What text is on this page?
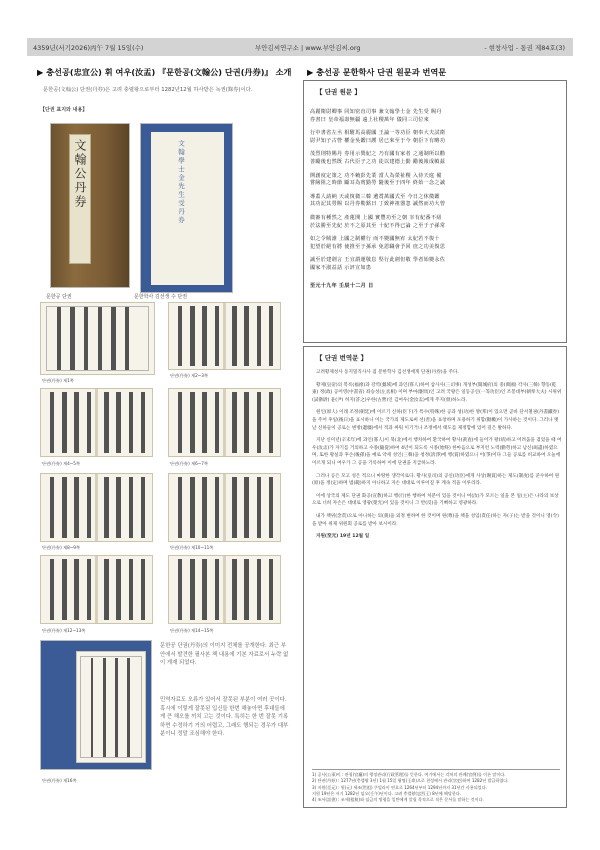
4359년(서기2026)丙午 7월 15일(수)	부안김씨연구소 | www.부안김씨.org	- 현창사업 - 통권 제84호(3)
▶ 충선공(忠宣公) 휘 여우(汝盂) 『문한공(文翰公) 단권(丹券)』 소개
문한공(文翰公) 단권(丹券)은 고려 충렬왕으로부터 1282년12월 하사받은 녹권(錄券)이다.
【단권 표지와 내용】
文翰公丹券	文翰學士金先生受丹券
문한공 단권	문한학사 김선생 수 단권
단권(丹券) 제1쪽
단권(丹券) 제2~3쪽
단권(丹券) 제4~5쪽	단권(丹券) 제6~7쪽
단권(丹券) 제8~9쪽	단권(丹券) 제10~11쪽
단권(丹券) 제12~13쪽	단권(丹券) 제14~15쪽
단권(丹券) 제16쪽
문한공 단권(丹券)의 이미지 전체를 공개한다. 최근 부안에서 발견한 필사본 책 내용에 기본 자료로서 누락 없이 게재 되었다.
민역자료도 오류가 있어서 잘못된 부분이 여러 곳이다. 혹시에 이렇게 잘못된 입신들 한번 해놓아면 후대들에게 큰 해오를 끼치 고는 것이다. 특히는 한 번 잘못 기록하면 수정하기 거의 어렵고, 그래도 행되는 경우가 대부분이니 정말 조심해야 한다.
▶ 충선공 문한학사 단권 원문과 번역문
【 단권 원문 】
高麗衛尉卿事 同知密直司事 兼文翰學士金 先生受 賜丹
券書曰 皇帝福壽無疆 遠上社稷萬年 儀同三司位來
行中書省左丞 相駙馬高麗國 王論一等功臣 朝奉大夫試衛
尉尹知子古營 權金吳鑑曰護 居已來至于今 朝臣下有略功
茂烈則特賜丹 券用示獎紀之 乃有國有家者 之通制所以勸
善勵後也然既 古代臣子之功 徒以建德上勤 勵後報成幀茲
開創度定策之 功不賴彭先業 當人為榮祉稷 入侍天庭 備
嘗險阻之時節 顧耳為賓勤勞 隨後至于四年 終始一念之誠
導蓋人請納 天或復微三韓 遺賞萬國式至 今日之休徵鑑
其功記其勞賜 以丹券勒銘曰 丁致神祖器忽 誠然而功大曾
微審有種然之 產蓮開 上國 實豐功至之朝 宰有紀番不紐
於法勝至先紀 於不之原其至 十紀不得已論 之至于子孫常
如之令賊誰 上國之制權行 而不變國無宥 太紀若不復十
犯望於絕有將 使推至于孫承 免恩職會予回 庶之功美復思
誠至於建劍言 王宜謂運敬息 堅行此劍但敬 學者始變永佐
國家不淑益話 示評宣如患
至元十九年 壬辰十二月 日
【 단권 번역문 】

고려황제성사 동지밀직사사 겸 문한학사 김선생에게 단권(丹券)을 주다.

황제(皇帝)의 복록(福祿)과 강역(彊域)에 과인(寡人)하여 삼사사(三司事) 개성부(開城府)의 중(萬國) 각사(三韓) 향동(乾東) 정(政) 공어영(中書省) 좌승성(左丞相) 이며 부마(駙馬)인 고려 국왕은 일등공신(一等功臣)인 조봉대부(朝奉大夫) 시위위(試衛尉) 윤(尹) 허지(許之)우한(古營)인 김여우(金汝盂)에게 주지(發)하노라.

원인(原人) 이래 조정(朝廷)에 이르기 신하(臣下)가 특수(特殊)한 공과 성(功)한 방(邦)이 있으면 곧바 단서철권(丹書鐵券)을 주어 후일(後日)을 표시하니 이는 국가의 제도로써 선(善)을 표창하며 포용하기 위함(勸勵)이 가사하는 것이다. 그러나 옛날 신하들이 공로는 변방(邊疆)에서 적과 싸워 이기거나 조정에서 태도를 제정함에 있어 길은 발하다.

지난 신미년(辛未年)에 과인(寡人)이 북(北)에서 행차하여 환국하여 황사(黃査)에 들어가 왕(靖)하고 어려움을 겪었을 때 여우(汝盂)가 자기를 거의하고 수종(隨從)하여 4년이 되도록 시종(始終) 한마음으로 부지런 노력(勤勞)하고 남신(竭盡)하였으며, 또한 왕실과 후손(後孫)을 예로 약세 성인(三韓)을 청정(淸淨)에 행(賞)하였으니 어(爭)이다 그들 공로를 비교하여 오늘에 이르게 되니 여우가 그 공을 기록하여 이에 단권을 지급하노라.

그러나 공은 모고 성은 적으니 마땅한 생각이로다. 황사(皇司)의 공신(功臣)에게 사상(賜賞)하는 제도(制度)를 준수하여 원(原)을 정(定)하며 범(範)하지 아니하고 자손 대대로 이루어질 후 계속 적을 이루리라.

이에 상국의 제도 단권 화공(宣敎)하고 행(行)한 행하여 처분이 있을 것이니 여(汝)가 모르는 일을 본 일(主)은 나라의 보상으로 너희 자손은 대대로 영광(榮光)이 있을 것이니 그 반(反)을 기뻐하고 영광하라.

내가 책위(念責)으로 아니하는 의(義)을 외정 변하여 한 것이며 원(尊)을 책을 성임(責任)하는 자(子)는 받을 것이니 영(令)을 받아 위제 위원회 공로를 받아 보시이라.

지원(至元) 19년 12월 일

1) 공사(公事)이 : 관청(官廳)의 행정관리(行政管理)를 뜻한다. 여기에서는 각처의 관례(官例)를 이른 말이다.
2) 단권(丹券) : 1277년(충렬왕 3년) 1월 15일 왕명(王命)으로 천성에서 관리(官吏)하여 1282년 발급하였다.
3) 지원(至元) : 원(元) 세조(世祖) 쿠빌라이 연호로 1264년부터 1294년까지 31년간 사용되었다.
지원 19년은 서기 1282년 임오(壬午)년이다. 고려 충렬왕(忠烈王) 8년에 해당한다.
4) 조서(詔書) : 조세(租稅)와 임금의 명령을 일반에게 알릴 목적으로 적은 문서를 말하는 것이다.
